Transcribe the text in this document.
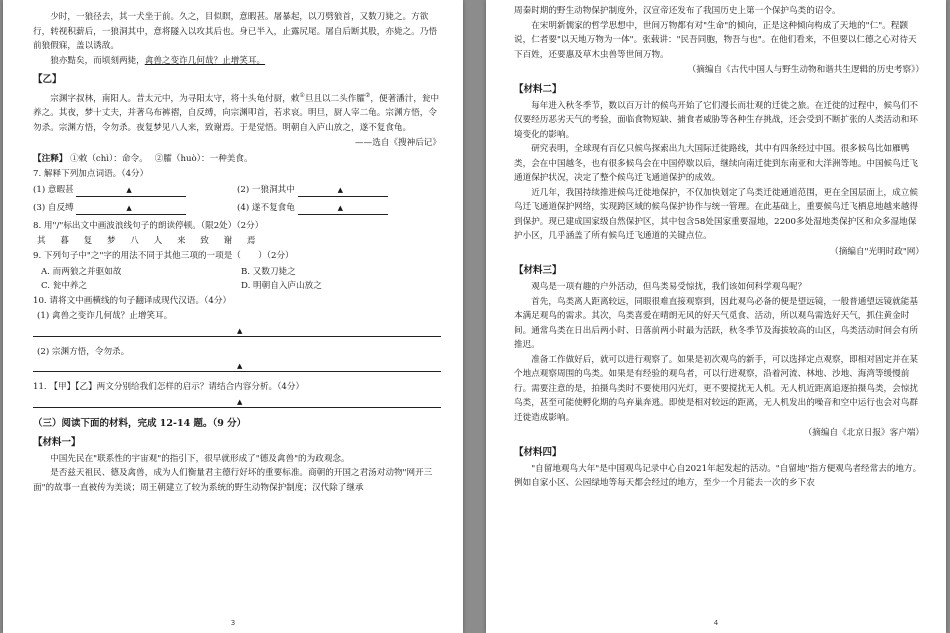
少时，一狼径去，其一犬坐于前。久之，目似瞑，意暇甚。屠暴起，以刀劈狼首，又数刀毙之。方欲行，转视积薪后，一狼洞其中，意将隧入以攻其后也。身已半入，止露尻尾。屠自后断其股，亦毙之。乃悟前狼假寐，盖以诱敌。

狼亦黠矣，而顷刻两毙，禽兽之变诈几何哉？止增笑耳。

【乙】

宗渊字叔林，南阳人。昔太元中，为寻阳太守，将十头龟付厨，敕①旦且以二头作臛②，便著潘汁，瓮中养之。其夜，梦十丈夫，并著乌布裤褶，自反缚，向宗渊叩首，若求哀。明旦，厨人宰二龟。宗渊方悟，令勿杀。宗渊方悟，令勿杀。夜复梦见八人来，致谢焉。于是觉悟。明朝自入庐山放之，遂不复食龟。

——选自《搜神后记》
【注释】 ①敕（chì）：命令。　 ②臛（huò）：一种美食。
7. 解释下列加点词语。（4分）
(1) 意暇甚	▲	(2) 一狼洞其中	▲
(3) 自反缚	▲	(4) 遂不复食龟	▲
8. 用"/"标出文中画波浪线句子的朗读停顿。（限2处）（2分）
其 暮 复 梦 八 人 来 致 谢 焉
9. 下列句子中"之"字的用法不同于其他三项的一项是（　　）（2分）
A. 而两狼之并驱如故	B. 又数刀毙之
C. 瓮中养之	D. 明朝自入庐山放之
10. 请将文中画横线的句子翻译成现代汉语。（4分）
(1) 禽兽之变诈几何哉？止增笑耳。
▲
(2) 宗渊方悟，令勿杀。
▲
11. 【甲】【乙】两文分别给我们怎样的启示？请结合内容分析。（4分）
▲
（三）阅读下面的材料，完成 12-14 题。（9 分）
【材料一】

中国先民在"联系性的宇宙观"的指引下，很早就形成了"德及禽兽"的为政观念。

是否兹天祖民、德及禽兽，成为人们衡量君主德行好坏的重要标准。商朝的开国之君汤对动物"网开三面"的故事一直被传为美谈；周王朝建立了较为系统的野生动物保护制度；汉代除了继承

3

周秦时期的野生动物保护制度外，汉宣帝还发布了我国历史上第一个保护鸟类的诏令。

在宋明新儒家的哲学思想中，世间万物都有对"生命"的倾向，正是这种倾向构成了天地的"仁"。程颢说，仁者要"以天地万物为一体"。张载讲："民吾同胞，物吾与也"。在他们看来，不但要以仁德之心对待天下百姓，还要惠及草木虫兽等世间万物。

（摘编自《古代中国人与野生动物和谐共生逻辑的历史考察》）
【材料二】

每年进入秋冬季节，数以百万计的候鸟开始了它们漫长而壮观的迁徙之旅。在迁徙的过程中，候鸟们不仅要经历恶劣天气的考验，面临食物短缺、捕食者威胁等各种生存挑战，还会受到不断扩张的人类活动和环境变化的影响。

研究表明，全球现有百亿只候鸟探索出九大国际迁徙路线，其中有四条经过中国。很多候鸟比如雁鸭类，会在中国越冬，也有很多候鸟会在中国停歇以后，继续向南迁徙到东南亚和大洋洲等地。中国候鸟迁飞通道保护状况，决定了整个候鸟迁飞通道保护的成效。

近几年，我国持续推进候鸟迁徙地保护，不仅加快划定了鸟类迁徙通道范围，更在全国层面上，成立候鸟迁飞通道保护网络，实现跨区域的候鸟保护协作与统一管理。在此基础上，重要候鸟迁飞栖息地越来越得到保护。现已建成国家级自然保护区，其中包含58处国家重要湿地，2200多处湿地类保护区和众多湿地保护小区，几乎涵盖了所有候鸟迁飞通道的关键点位。

（摘编自"光明时政"网）
【材料三】

观鸟是一项有趣的户外活动，但鸟类易受惊扰，我们该如何科学观鸟呢？

首先，鸟类离人距离较远，同眼很难直接观察到，因此观鸟必备的便是望远镜，一般普通望远镜就能基本满足观鸟的需求。其次，鸟类喜爱在晴朗无风的好天气觅食、活动，所以观鸟需选好天气，抓住黄金时间。通常鸟类在日出后两小时、日落前两小时最为活跃，秋冬季节及海拔较高的山区，鸟类活动时间会有所推迟。

准备工作做好后，就可以进行观察了。如果是初次观鸟的新手，可以选择定点观察，即相对固定并在某个地点观察周围的鸟类。如果是有经验的观鸟者，可以行进观察，沿着河流、林地、沙地、海湾等缓慢前行。需要注意的是，拍摄鸟类时不要使用闪光灯，更不要搅扰无人机。无人机近距离追逐拍摄鸟类，会惊扰鸟类，甚至可能使孵化期的鸟弃巢奔逃。即使是相对较远的距离，无人机发出的噪音和空中运行也会对鸟群迁徙造成影响。

（摘编自《北京日报》客户端）
【材料四】

"自留地观鸟大年"是中国观鸟记录中心自2021年起发起的活动。"自留地"指方便观鸟者经常去的地方。例如自家小区、公园绿地等每天都会经过的地方，至少一个月能去一次的乡下农

4
